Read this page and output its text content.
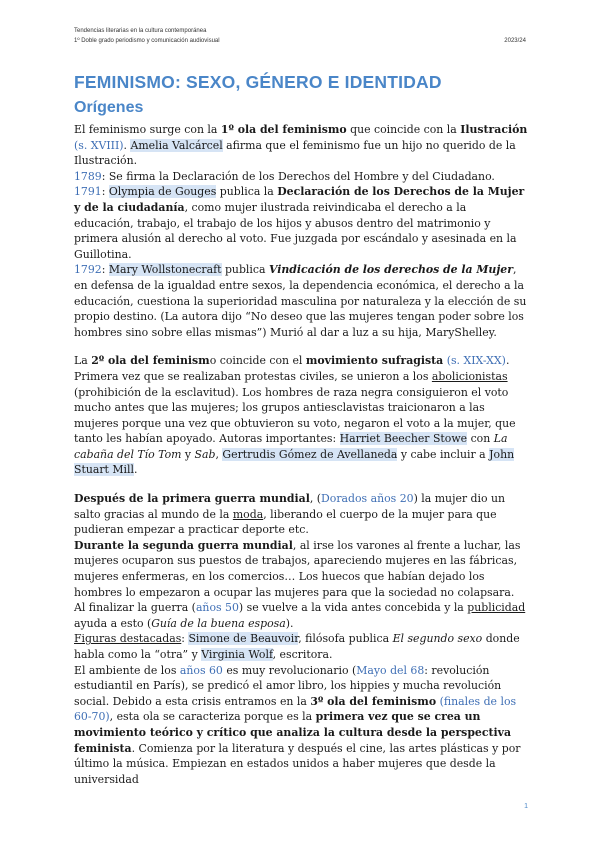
Tendencias literarias en la cultura contemporánea
1º Doble grado periodismo y comunicación audiovisual	2023/24
FEMINISMO: SEXO, GÉNERO E IDENTIDAD
Orígenes

El feminismo surge con la 1º ola del feminismo que coincide con la Ilustración (s. XVIII). Amelia Valcárcel afirma que el feminismo fue un hijo no querido de la Ilustración.

1789: Se firma la Declaración de los Derechos del Hombre y del Ciudadano.

1791: Olympia de Gouges publica la Declaración de los Derechos de la Mujer y de la ciudadanía, como mujer ilustrada reivindicaba el derecho a la educación, trabajo, el trabajo de los hijos y abusos dentro del matrimonio y primera alusión al derecho al voto. Fue juzgada por escándalo y asesinada en la Guillotina.

1792: Mary Wollstonecraft publica Vindicación de los derechos de la Mujer, en defensa de la igualdad entre sexos, la dependencia económica, el derecho a la educación, cuestiona la superioridad masculina por naturaleza y la elección de su propio destino. (La autora dijo “No deseo que las mujeres tengan poder sobre los hombres sino sobre ellas mismas”) Murió al dar a luz a su hija, MaryShelley.

La 2º ola del feminismo coincide con el movimiento sufragista (s. XIX-XX). Primera vez que se realizaban protestas civiles, se unieron a los abolicionistas (prohibición de la esclavitud). Los hombres de raza negra consiguieron el voto mucho antes que las mujeres; los grupos antiesclavistas traicionaron a las mujeres porque una vez que obtuvieron su voto, negaron el voto a la mujer, que tanto les habían apoyado. Autoras importantes: Harriet Beecher Stowe con La cabaña del Tío Tom y Sab, Gertrudis Gómez de Avellaneda y cabe incluir a John Stuart Mill.

Después de la primera guerra mundial, (Dorados años 20) la mujer dio un salto gracias al mundo de la moda, liberando el cuerpo de la mujer para que pudieran empezar a practicar deporte etc.

Durante la segunda guerra mundial, al irse los varones al frente a luchar, las mujeres ocuparon sus puestos de trabajos, apareciendo mujeres en las fábricas, mujeres enfermeras, en los comercios… Los huecos que habían dejado los hombres lo empezaron a ocupar las mujeres para que la sociedad no colapsara. Al finalizar la guerra (años 50) se vuelve a la vida antes concebida y la publicidad ayuda a esto (Guía de la buena esposa).

Figuras destacadas: Simone de Beauvoir, filósofa publica El segundo sexo donde habla como la “otra” y Virginia Wolf, escritora.

El ambiente de los años 60 es muy revolucionario (Mayo del 68: revolución estudiantil en París), se predicó el amor libro, los hippies y mucha revolución social. Debido a esta crisis entramos en la 3º ola del feminismo (finales de los 60-70), esta ola se caracteriza porque es la primera vez que se crea un movimiento teórico y crítico que analiza la cultura desde la perspectiva feminista. Comienza por la literatura y después el cine, las artes plásticas y por último la música. Empiezan en estados unidos a haber mujeres que desde la universidad

1
